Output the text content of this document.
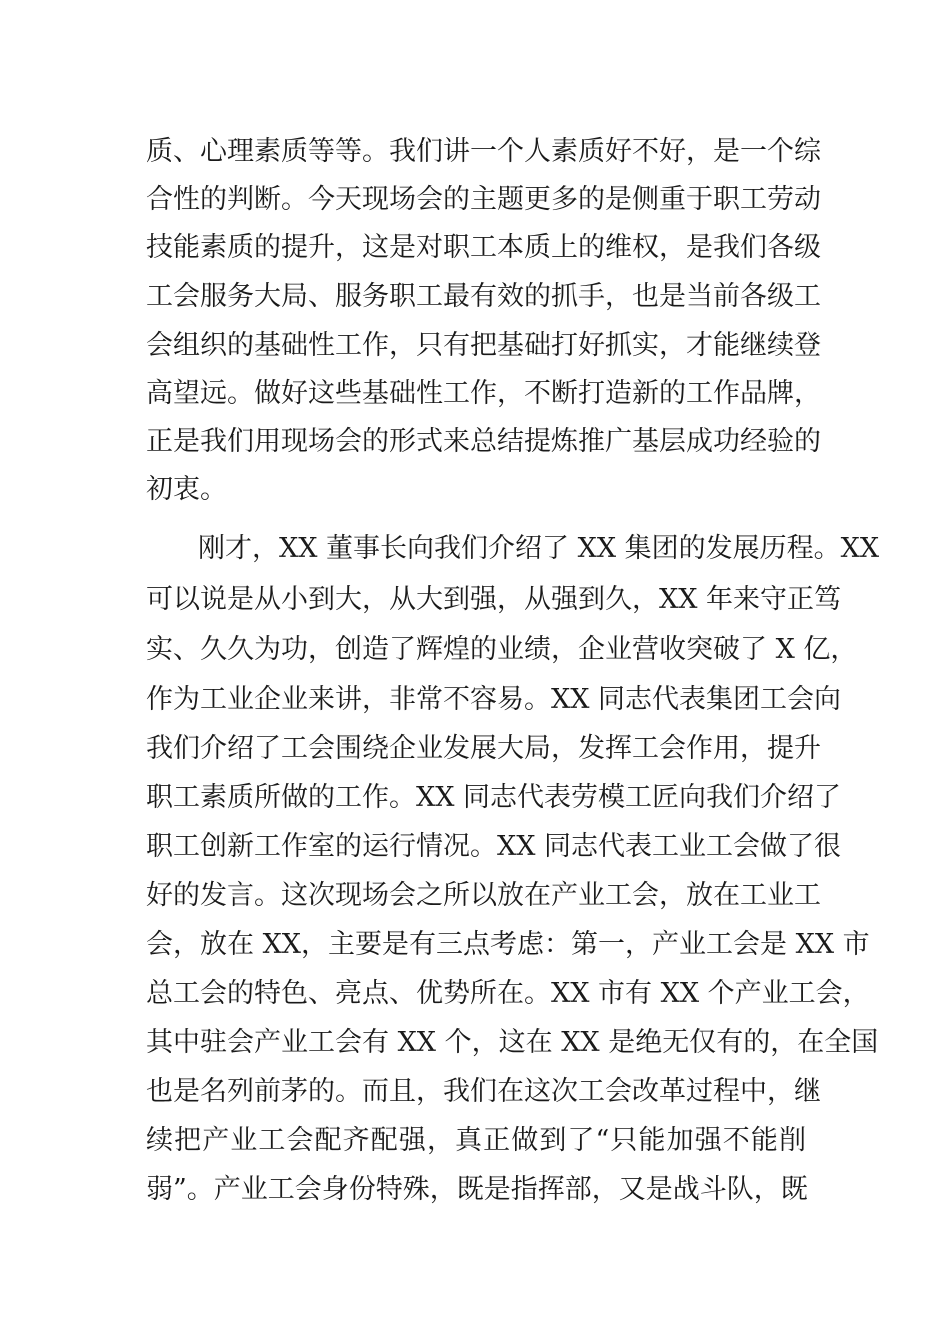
质、心理素质等等。我们讲一个人素质好不好，是一个综
合性的判断。今天现场会的主题更多的是侧重于职工劳动
技能素质的提升，这是对职工本质上的维权，是我们各级
工会服务大局、服务职工最有效的抓手，也是当前各级工
会组织的基础性工作，只有把基础打好抓实，才能继续登
高望远。做好这些基础性工作，不断打造新的工作品牌，
正是我们用现场会的形式来总结提炼推广基层成功经验的
初衷。
刚才，XX 董事长向我们介绍了 XX 集团的发展历程。XX
可以说是从小到大，从大到强，从强到久，XX 年来守正笃
实、久久为功，创造了辉煌的业绩，企业营收突破了 X 亿，
作为工业企业来讲，非常不容易。XX 同志代表集团工会向
我们介绍了工会围绕企业发展大局，发挥工会作用，提升
职工素质所做的工作。XX 同志代表劳模工匠向我们介绍了
职工创新工作室的运行情况。XX 同志代表工业工会做了很
好的发言。这次现场会之所以放在产业工会，放在工业工
会，放在 XX，主要是有三点考虑：第一，产业工会是 XX 市
总工会的特色、亮点、优势所在。XX 市有 XX 个产业工会，
其中驻会产业工会有 XX 个，这在 XX 是绝无仅有的，在全国
也是名列前茅的。而且，我们在这次工会改革过程中，继
续把产业工会配齐配强，真正做到了“只能加强不能削
弱”。产业工会身份特殊，既是指挥部，又是战斗队，既
